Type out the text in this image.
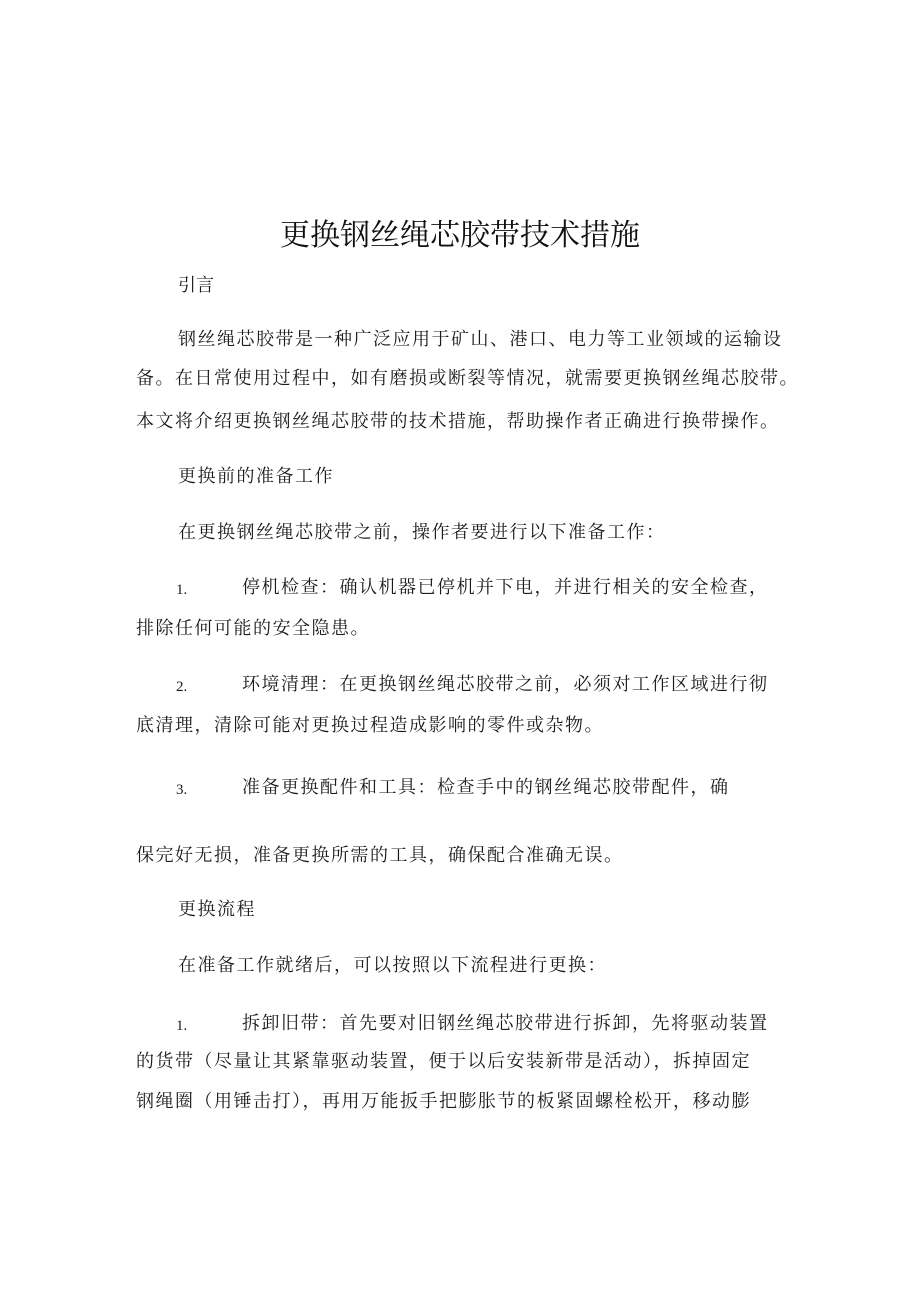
更换钢丝绳芯胶带技术措施
引言
钢丝绳芯胶带是一种广泛应用于矿山、港口、电力等工业领域的运输设
备。在日常使用过程中，如有磨损或断裂等情况，就需要更换钢丝绳芯胶带。
本文将介绍更换钢丝绳芯胶带的技术措施，帮助操作者正确进行换带操作。
更换前的准备工作
在更换钢丝绳芯胶带之前，操作者要进行以下准备工作：
1.	停机检查：确认机器已停机并下电，并进行相关的安全检查，
排除任何可能的安全隐患。
2.	环境清理：在更换钢丝绳芯胶带之前，必须对工作区域进行彻
底清理，清除可能对更换过程造成影响的零件或杂物。
3.	准备更换配件和工具：检查手中的钢丝绳芯胶带配件，确
保完好无损，准备更换所需的工具，确保配合准确无误。
更换流程
在准备工作就绪后，可以按照以下流程进行更换：
1.	拆卸旧带：首先要对旧钢丝绳芯胶带进行拆卸，先将驱动装置
的货带（尽量让其紧靠驱动装置，便于以后安装新带是活动），拆掉固定
钢绳圈（用锤击打），再用万能扳手把膨胀节的板紧固螺栓松开，移动膨
